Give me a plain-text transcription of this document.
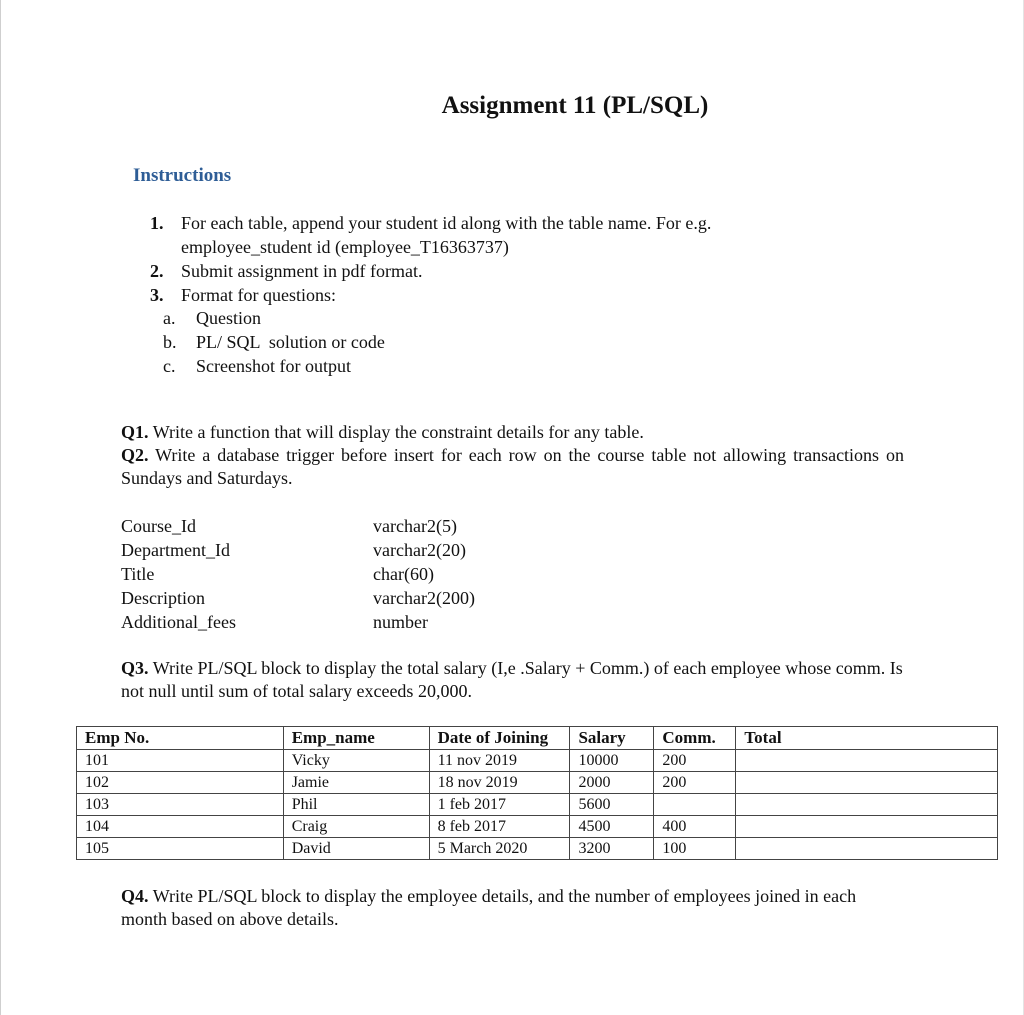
Assignment 11 (PL/SQL)
Instructions
1. For each table, append your student id along with the table name. For e.g.
employee_student id (employee_T16363737)
2. Submit assignment in pdf format.
3. Format for questions:
a. Question
b. PL/ SQL  solution or code
c. Screenshot for output
Q1. Write a function that will display the constraint details for any table.
Q2. Write a database trigger before insert for each row on the course table not allowing transactions on Sundays and Saturdays.
Course_Id	varchar2(5)
Department_Id	varchar2(20)
Title	char(60)
Description	varchar2(200)
Additional_fees	number
Q3. Write PL/SQL block to display the total salary (I,e .Salary + Comm.) of each employee whose comm. Is not null until sum of total salary exceeds 20,000.
Emp No.	Emp_name	Date of Joining	Salary	Comm.	Total
101	Vicky	11 nov 2019	10000	200	
102	Jamie	18 nov 2019	2000	200	
103	Phil	1 feb 2017	5600		
104	Craig	8 feb 2017	4500	400	
105	David	5 March 2020	3200	100	
Q4. Write PL/SQL block to display the employee details, and the number of employees joined in each month based on above details.
